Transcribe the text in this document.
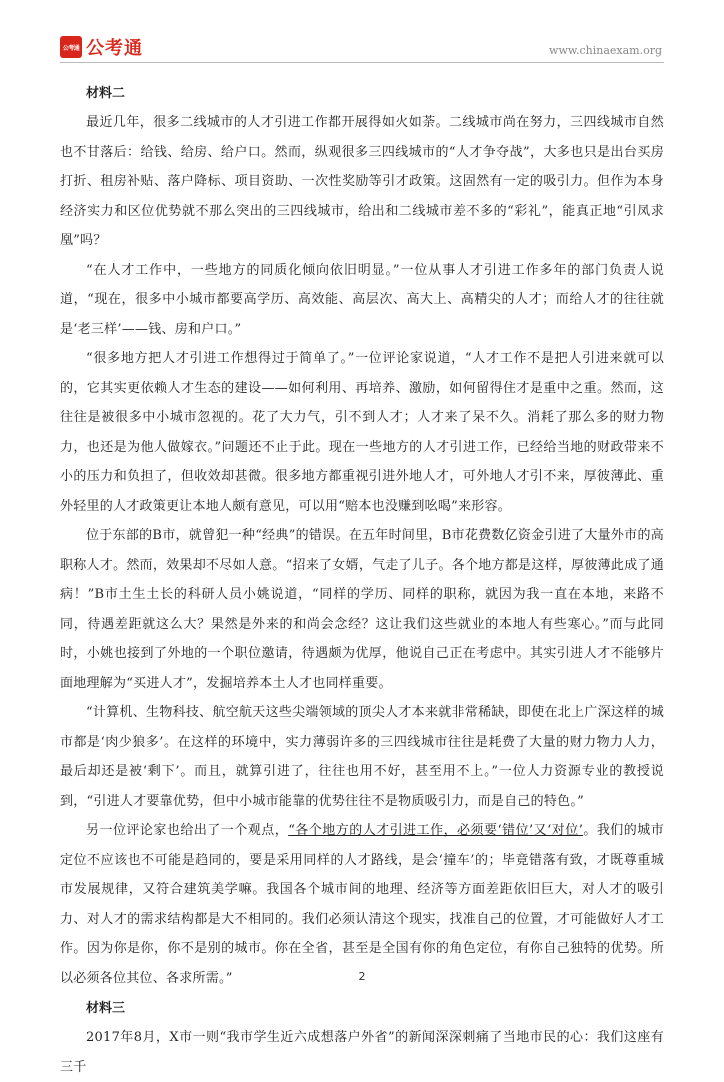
公考通 公考通	www.chinaexam.org

材料二

最近几年，很多二线城市的人才引进工作都开展得如火如荼。二线城市尚在努力，三四线城市自然也不甘落后：给钱、给房、给户口。然而，纵观很多三四线城市的“人才争夺战”，大多也只是出台买房打折、租房补贴、落户降标、项目资助、一次性奖励等引才政策。这固然有一定的吸引力。但作为本身经济实力和区位优势就不那么突出的三四线城市，给出和二线城市差不多的“彩礼”，能真正地“引凤求凰”吗？

“在人才工作中，一些地方的同质化倾向依旧明显。”一位从事人才引进工作多年的部门负责人说道，“现在，很多中小城市都要高学历、高效能、高层次、高大上、高精尖的人才；而给人才的往往就是‘老三样’——钱、房和户口。”

“很多地方把人才引进工作想得过于简单了。”一位评论家说道，“人才工作不是把人引进来就可以的，它其实更依赖人才生态的建设——如何利用、再培养、激励，如何留得住才是重中之重。然而，这往往是被很多中小城市忽视的。花了大力气，引不到人才；人才来了呆不久。消耗了那么多的财力物力，也还是为他人做嫁衣。”问题还不止于此。现在一些地方的人才引进工作，已经给当地的财政带来不小的压力和负担了，但收效却甚微。很多地方都重视引进外地人才，可外地人才引不来，厚彼薄此、重外轻里的人才政策更让本地人颇有意见，可以用“赔本也没赚到吆喝”来形容。

位于东部的B市，就曾犯一种“经典”的错误。在五年时间里，B市花费数亿资金引进了大量外市的高职称人才。然而，效果却不尽如人意。“招来了女婿，气走了儿子。各个地方都是这样，厚彼薄此成了通病！”B市土生土长的科研人员小姚说道，“同样的学历、同样的职称，就因为我一直在本地，来路不同，待遇差距就这么大？果然是外来的和尚会念经？这让我们这些就业的本地人有些寒心。”而与此同时，小姚也接到了外地的一个职位邀请，待遇颇为优厚，他说自己正在考虑中。其实引进人才不能够片面地理解为“买进人才”，发掘培养本土人才也同样重要。

“计算机、生物科技、航空航天这些尖端领域的顶尖人才本来就非常稀缺，即使在北上广深这样的城市都是‘肉少狼多’。在这样的环境中，实力薄弱许多的三四线城市往往是耗费了大量的财力物力人力，最后却还是被‘剩下’。而且，就算引进了，往往也用不好，甚至用不上。”一位人力资源专业的教授说到，“引进人才要靠优势，但中小城市能靠的优势往往不是物质吸引力，而是自己的特色。”

另一位评论家也给出了一个观点，“各个地方的人才引进工作，必须要‘错位’又‘对位’。我们的城市定位不应该也不可能是趋同的，要是采用同样的人才路线，是会‘撞车’的；毕竟错落有致，才既尊重城市发展规律，又符合建筑美学嘛。我国各个城市间的地理、经济等方面差距依旧巨大，对人才的吸引力、对人才的需求结构都是大不相同的。我们必须认清这个现实，找准自己的位置，才可能做好人才工作。因为你是你，你不是别的城市。你在全省，甚至是全国有你的角色定位，有你自己独特的优势。所以必须各位其位、各求所需。”

材料三

2017年8月，X市一则“我市学生近六成想落户外省”的新闻深深刺痛了当地市民的心：我们这座有三千

2
